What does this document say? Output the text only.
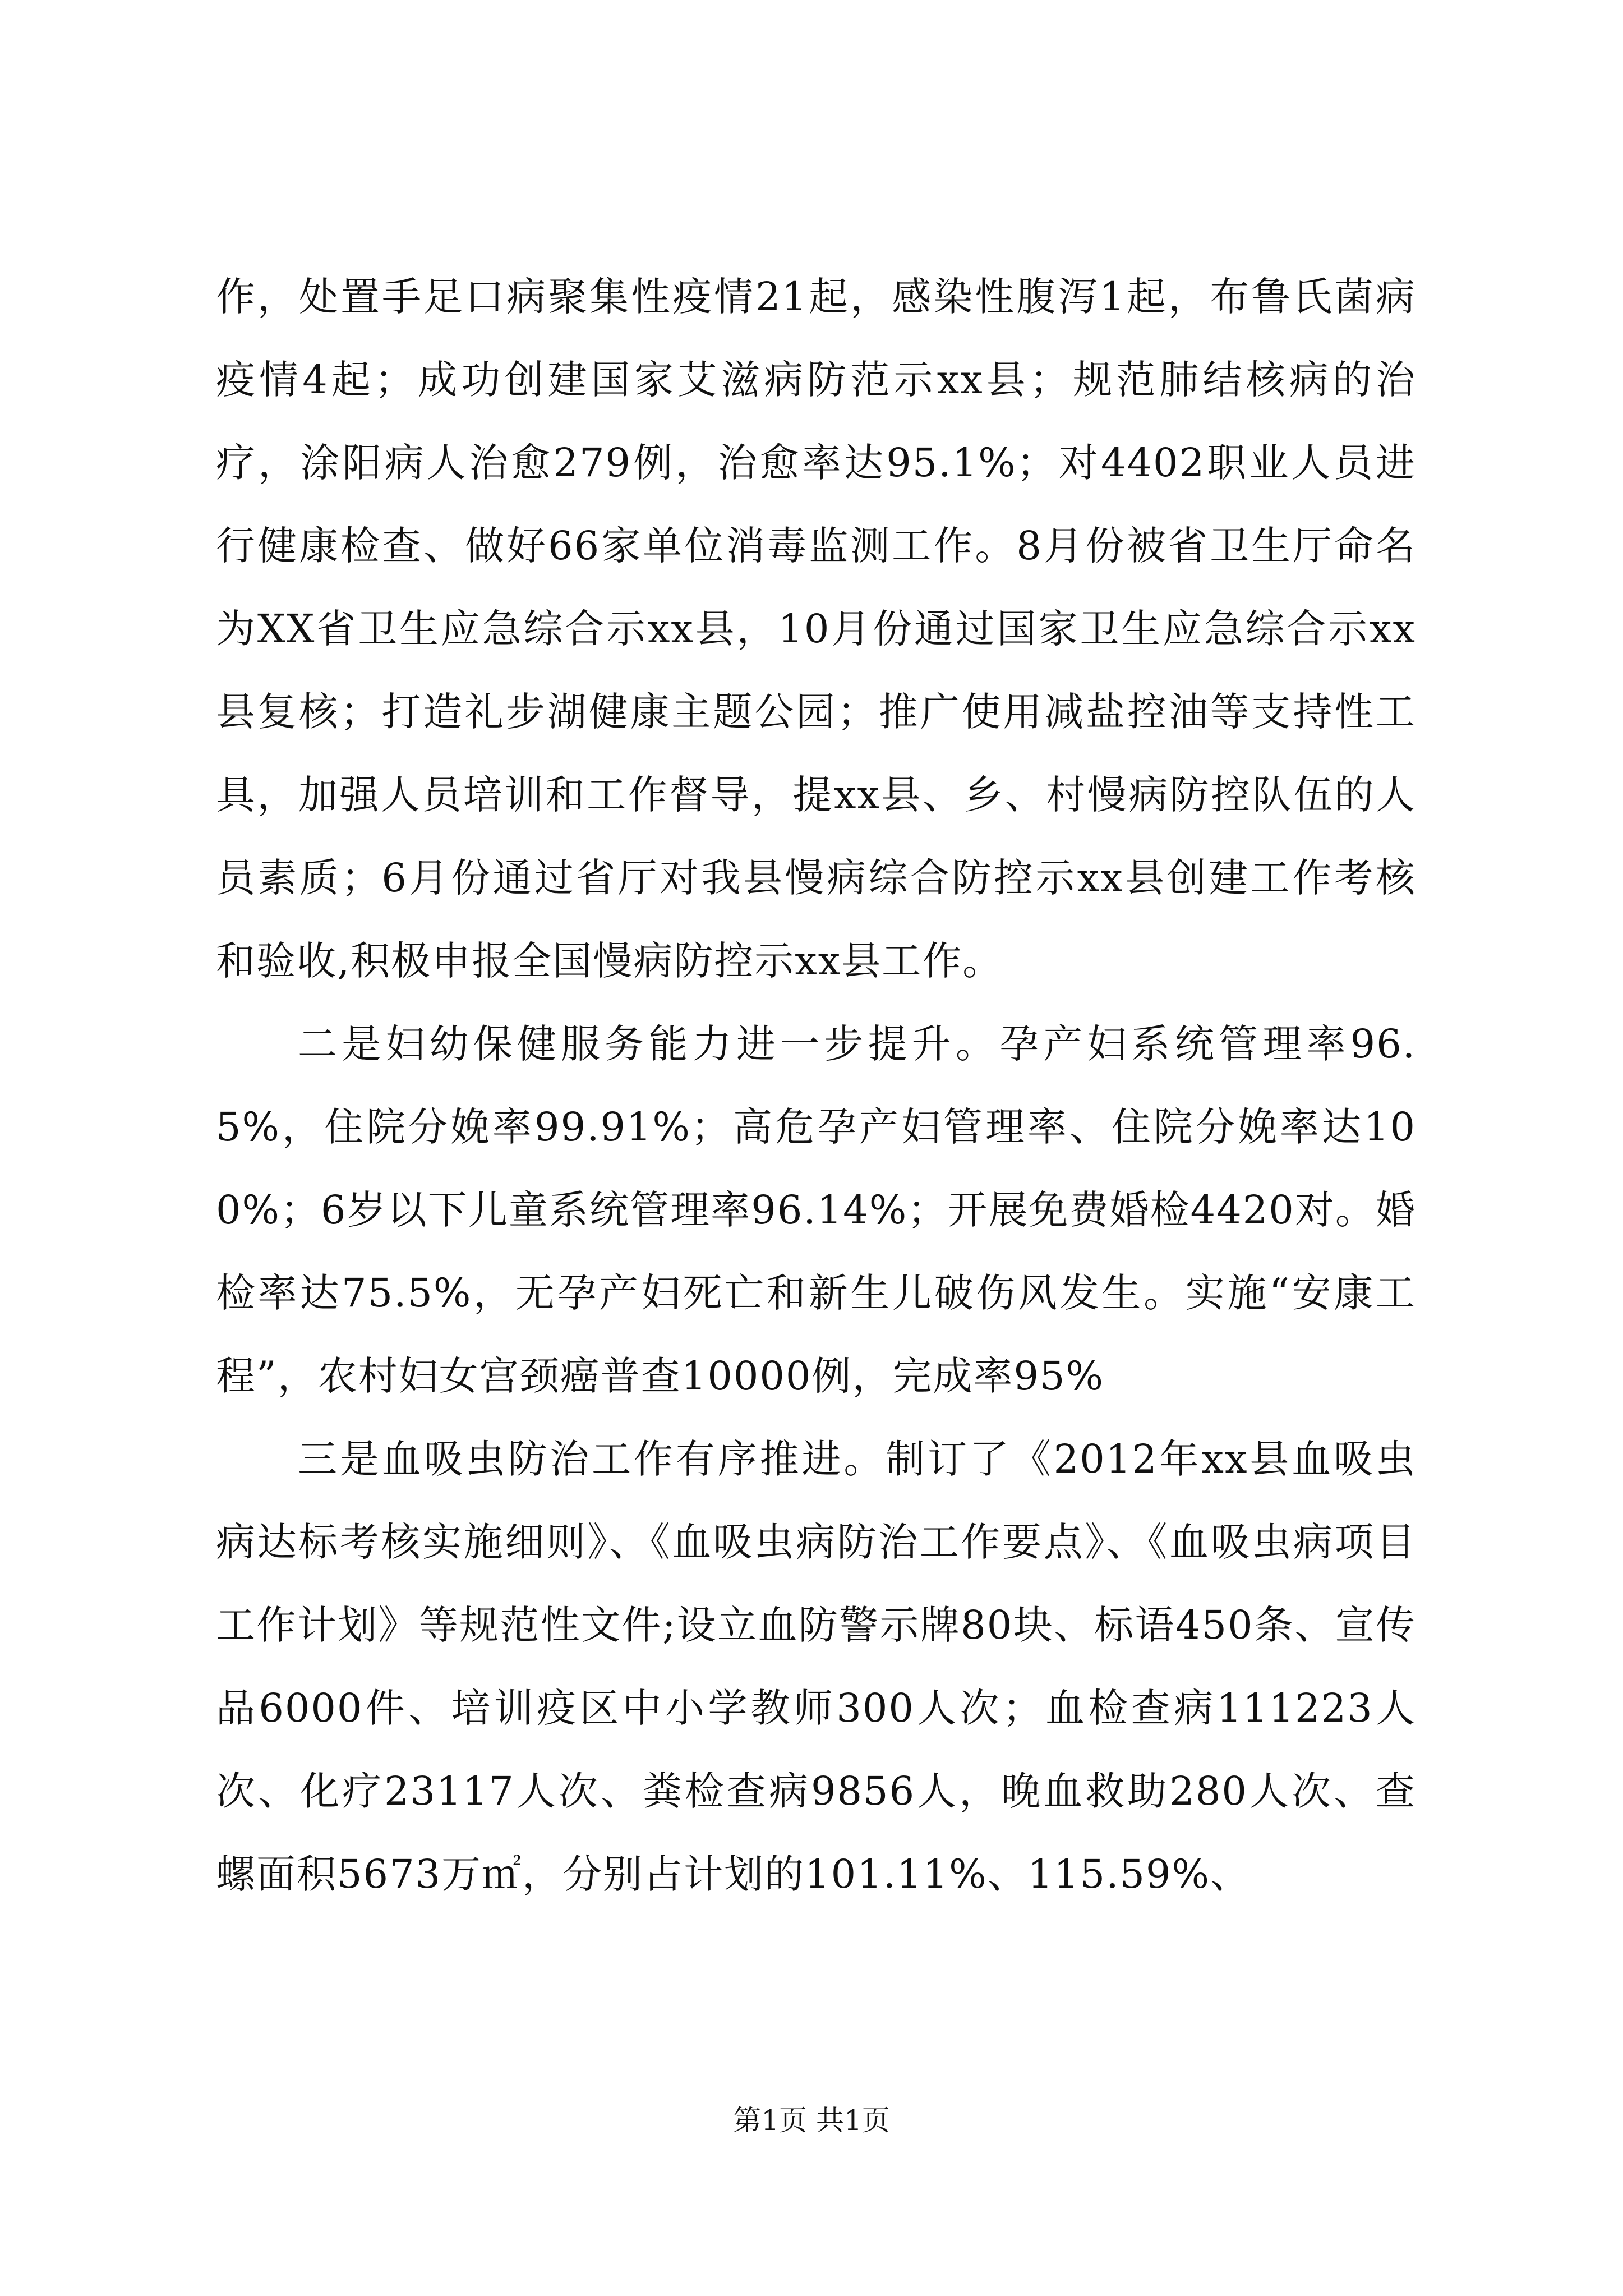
作，处置手足口病聚集性疫情21起，感染性腹泻1起，布鲁氏菌病疫情4起；成功创建国家艾滋病防范示xx县；规范肺结核病的治疗，涂阳病人治愈279例，治愈率达95.1%；对4402职业人员进行健康检查、做好66家单位消毒监测工作。8月份被省卫生厅命名为XX省卫生应急综合示xx县，10月份通过国家卫生应急综合示xx县复核；打造礼步湖健康主题公园；推广使用减盐控油等支持性工具，加强人员培训和工作督导，提xx县、乡、村慢病防控队伍的人员素质；6月份通过省厅对我县慢病综合防控示xx县创建工作考核和验收,积极申报全国慢病防控示xx县工作。

二是妇幼保健服务能力进一步提升。孕产妇系统管理率96.5%，住院分娩率99.91%；高危孕产妇管理率、住院分娩率达100%；6岁以下儿童系统管理率96.14%；开展免费婚检4420对。婚检率达75.5%，无孕产妇死亡和新生儿破伤风发生。实施“安康工程”，农村妇女宫颈癌普查10000例，完成率95%

三是血吸虫防治工作有序推进。制订了《2012年xx县血吸虫病达标考核实施细则》、《血吸虫病防治工作要点》、《血吸虫病项目工作计划》等规范性文件;设立血防警示牌80块、标语450条、宣传品6000件、培训疫区中小学教师300人次；血检查病111223人次、化疗23117人次、粪检查病9856人，晚血救助280人次、查螺面积5673万㎡，分别占计划的101.11%、115.59%、

第1页 共1页
